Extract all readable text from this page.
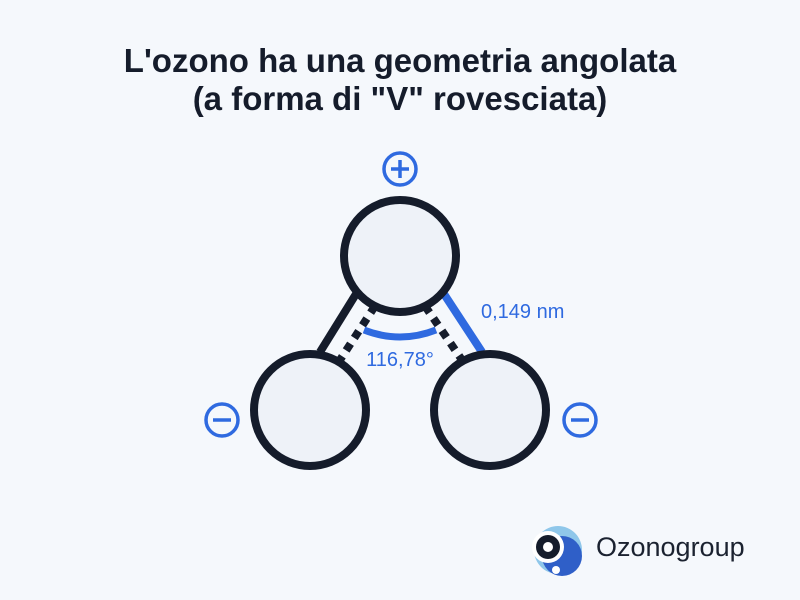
L'ozono ha una geometria angolata
(a forma di "V" rovesciata)
0,149 nm
116,78°
Ozonogroup
